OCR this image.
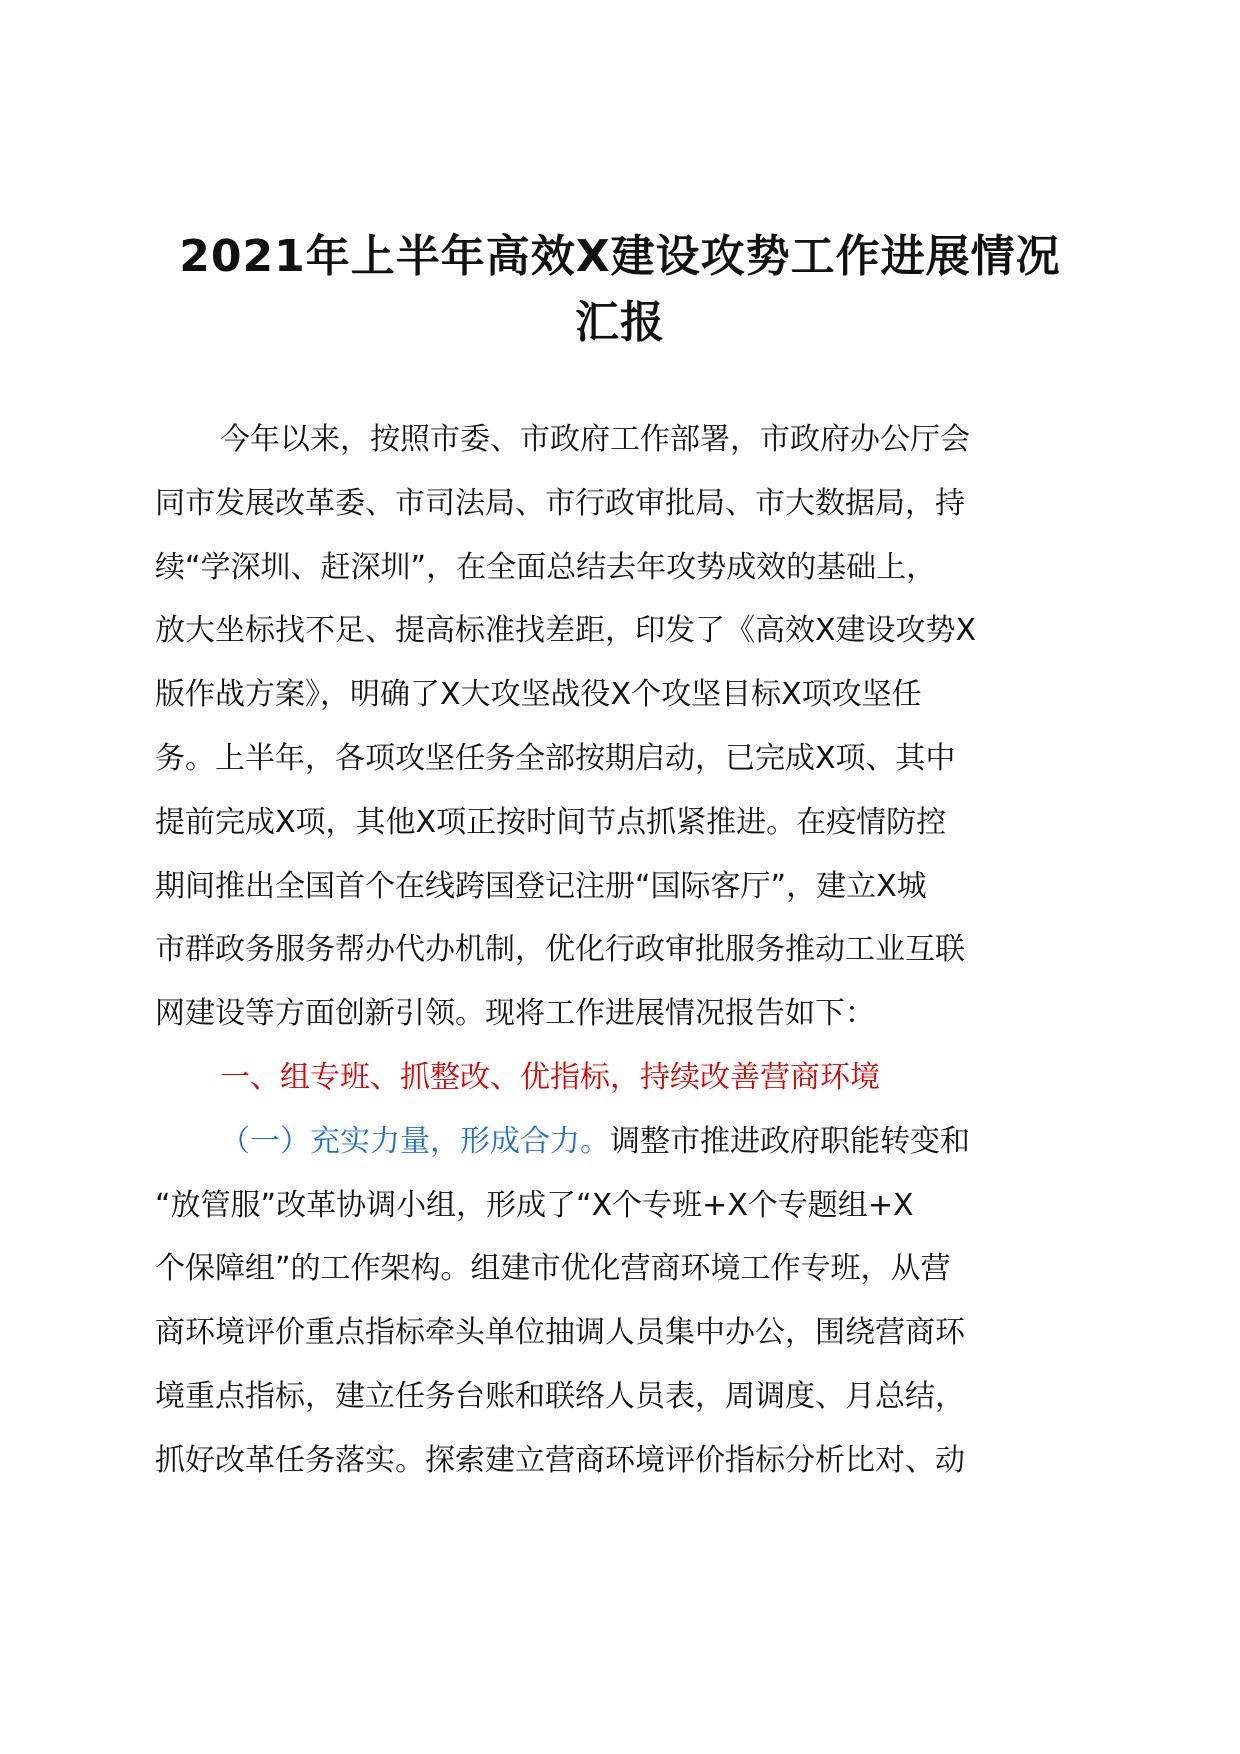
2021年上半年高效X建设攻势工作进展情况
汇报
今年以来，按照市委、市政府工作部署，市政府办公厅会
同市发展改革委、市司法局、市行政审批局、市大数据局，持
续“学深圳、赶深圳”，在全面总结去年攻势成效的基础上，
放大坐标找不足、提高标准找差距，印发了《高效X建设攻势X
版作战方案》，明确了X大攻坚战役X个攻坚目标X项攻坚任
务。上半年，各项攻坚任务全部按期启动，已完成X项、其中
提前完成X项，其他X项正按时间节点抓紧推进。在疫情防控
期间推出全国首个在线跨国登记注册“国际客厅”，建立X城
市群政务服务帮办代办机制，优化行政审批服务推动工业互联
网建设等方面创新引领。现将工作进展情况报告如下：
一、组专班、抓整改、优指标，持续改善营商环境
（一）充实力量，形成合力。调整市推进政府职能转变和
“放管服”改革协调小组，形成了“X个专班+X个专题组+X
个保障组”的工作架构。组建市优化营商环境工作专班，从营
商环境评价重点指标牵头单位抽调人员集中办公，围绕营商环
境重点指标，建立任务台账和联络人员表，周调度、月总结，
抓好改革任务落实。探索建立营商环境评价指标分析比对、动
